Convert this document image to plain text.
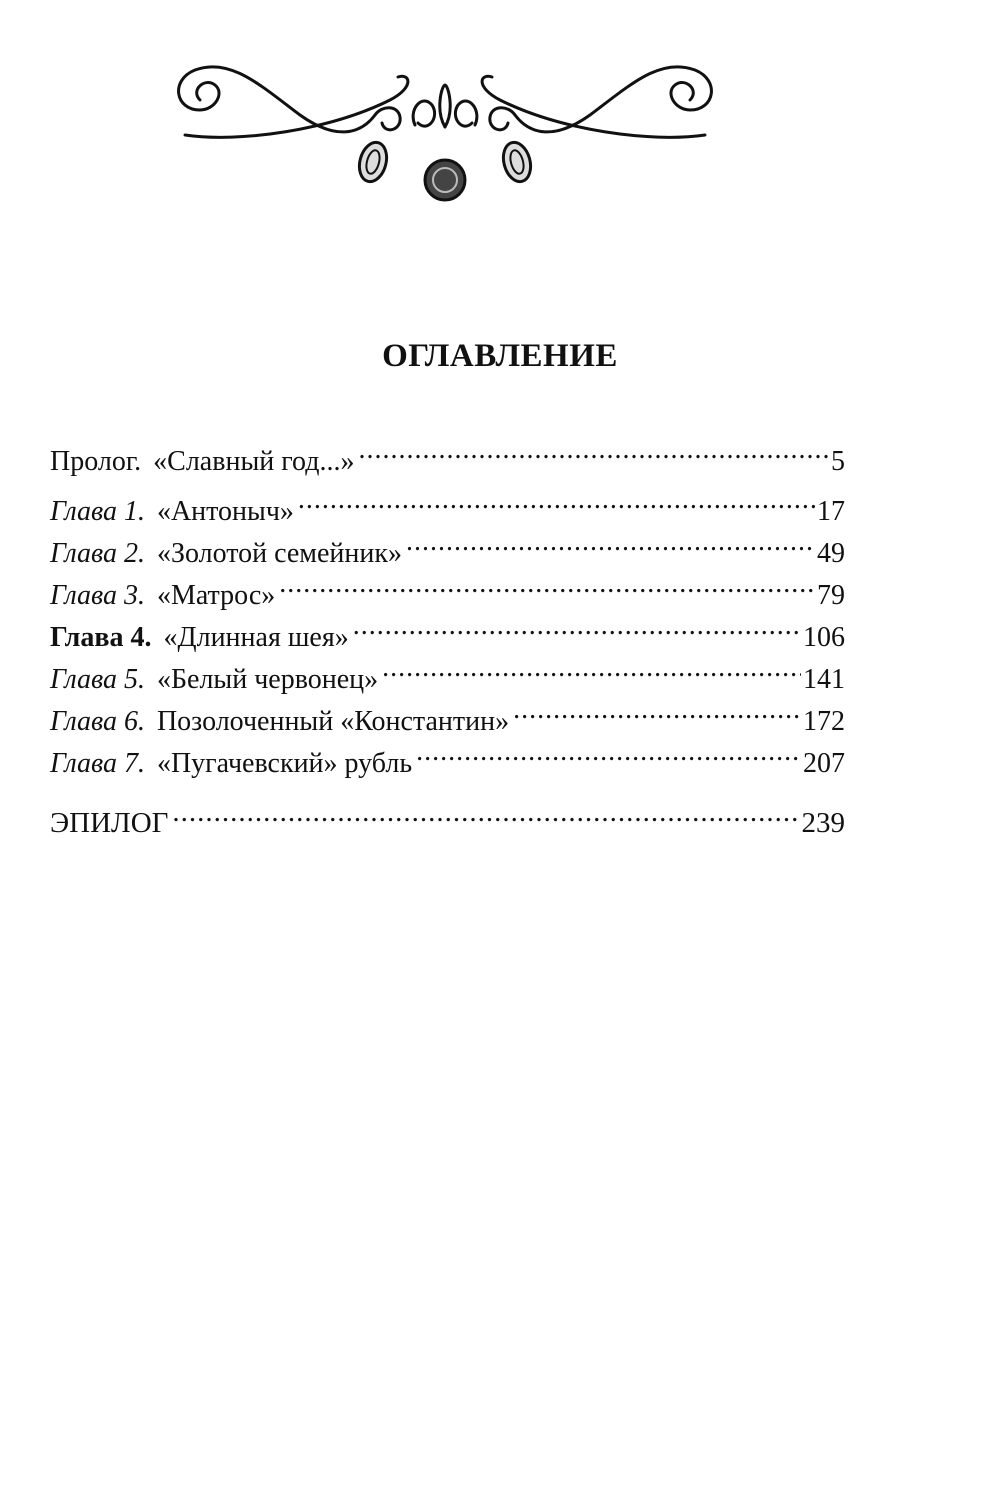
ОГЛАВЛЕНИЕ
Пролог. «Славный год...» .....	5
Глава 1. «Антоныч» .....	17
Глава 2. «Золотой семейник» .....	49
Глава 3. «Матрос» .....	79
Глава 4. «Длинная шея» .....	106
Глава 5. «Белый червонец» .....	141
Глава 6. Позолоченный «Константин» .....	172
Глава 7. «Пугачевский» рубль .....	207
ЭПИЛОГ .....	239
